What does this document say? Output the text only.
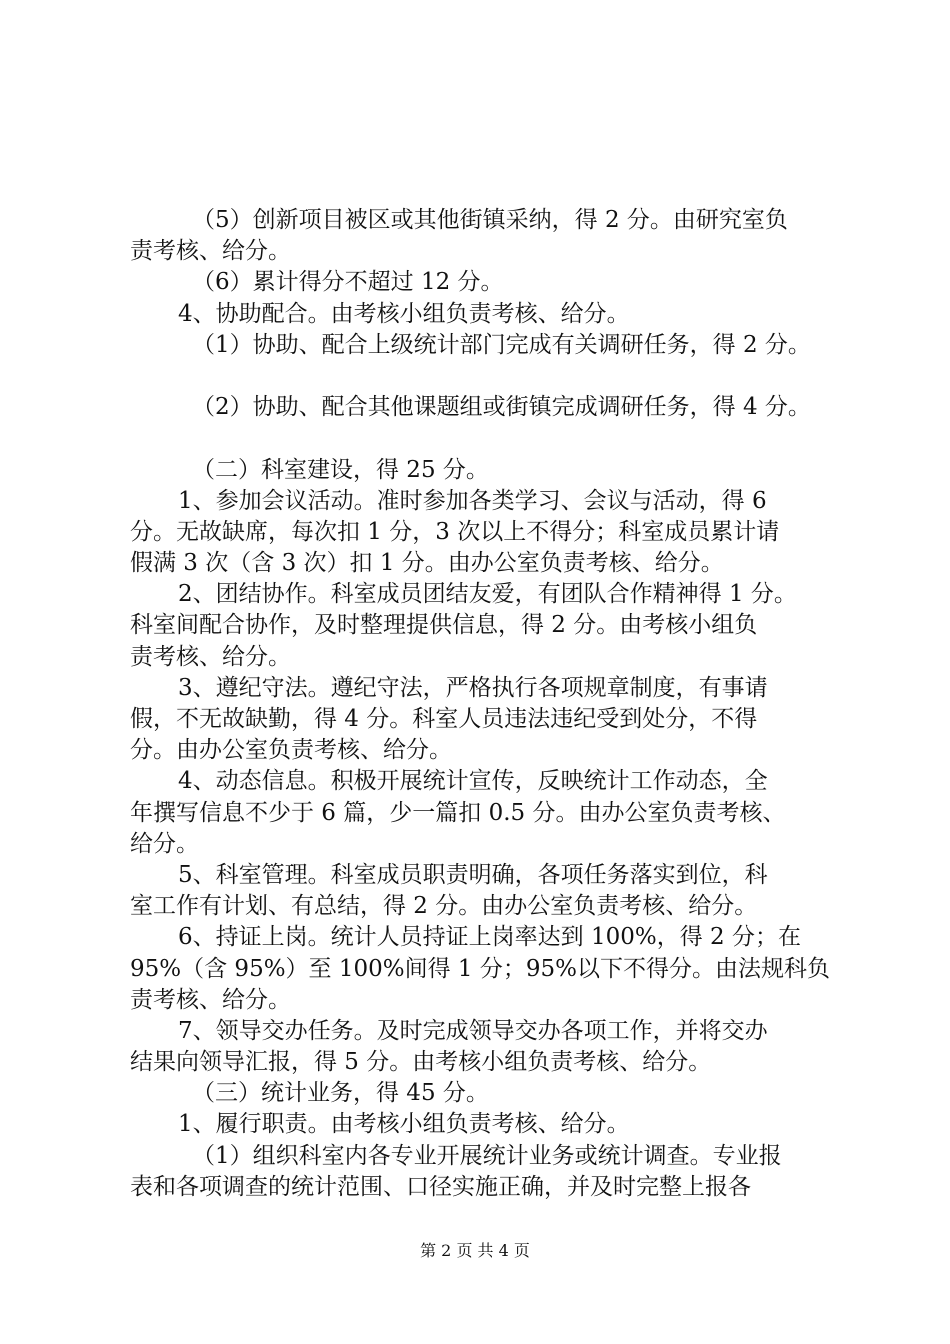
（5）创新项目被区或其他街镇采纳，得 2 分。由研究室负
责考核、给分。
（6）累计得分不超过 12 分。
4、协助配合。由考核小组负责考核、给分。
（1）协助、配合上级统计部门完成有关调研任务，得 2 分。
（2）协助、配合其他课题组或街镇完成调研任务，得 4 分。
（二）科室建设，得 25 分。
1、参加会议活动。准时参加各类学习、会议与活动，得 6
分。无故缺席，每次扣 1 分，3 次以上不得分；科室成员累计请
假满 3 次（含 3 次）扣 1 分。由办公室负责考核、给分。
2、团结协作。科室成员团结友爱，有团队合作精神得 1 分。
科室间配合协作，及时整理提供信息，得 2 分。由考核小组负
责考核、给分。
3、遵纪守法。遵纪守法，严格执行各项规章制度，有事请
假，不无故缺勤，得 4 分。科室人员违法违纪受到处分，不得
分。由办公室负责考核、给分。
4、动态信息。积极开展统计宣传，反映统计工作动态，全
年撰写信息不少于 6 篇，少一篇扣 0.5 分。由办公室负责考核、
给分。
5、科室管理。科室成员职责明确，各项任务落实到位，科
室工作有计划、有总结，得 2 分。由办公室负责考核、给分。
6、持证上岗。统计人员持证上岗率达到 100%，得 2 分；在
95%（含 95%）至 100%间得 1 分；95%以下不得分。由法规科负
责考核、给分。
7、领导交办任务。及时完成领导交办各项工作，并将交办
结果向领导汇报，得 5 分。由考核小组负责考核、给分。
（三）统计业务，得 45 分。
1、履行职责。由考核小组负责考核、给分。
（1）组织科室内各专业开展统计业务或统计调查。专业报
表和各项调查的统计范围、口径实施正确，并及时完整上报各
第 2 页 共 4 页
